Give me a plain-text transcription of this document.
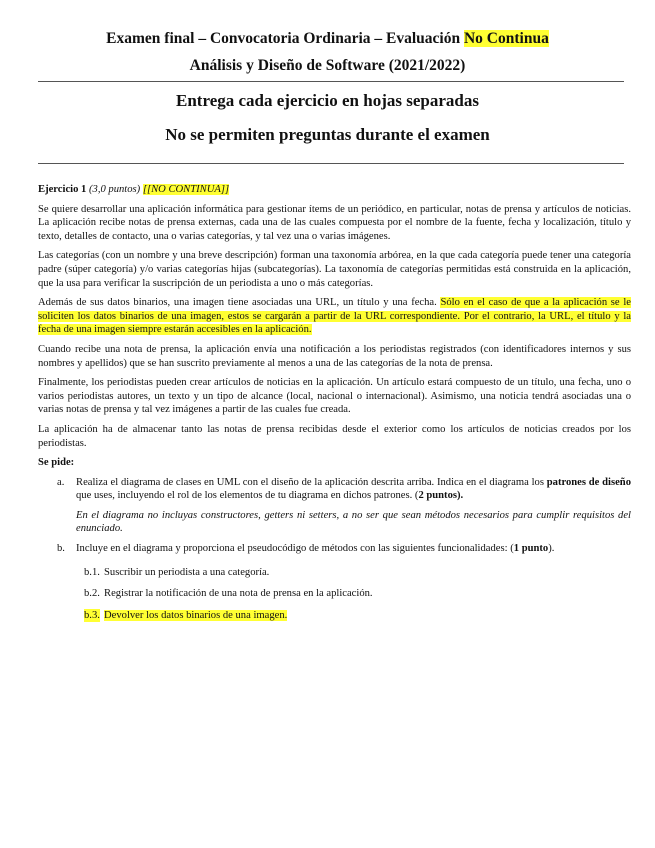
Examen final – Convocatoria Ordinaria – Evaluación No Continua
Análisis y Diseño de Software (2021/2022)
Entrega cada ejercicio en hojas separadas
No se permiten preguntas durante el examen
Ejercicio 1 (3,0 puntos) [[NO CONTINUA]]

Se quiere desarrollar una aplicación informática para gestionar ítems de un periódico, en particular, notas de prensa y artículos de noticias. La aplicación recibe notas de prensa externas, cada una de las cuales compuesta por el nombre de la fuente, fecha y localización, título y texto, detalles de contacto, una o varias categorías, y tal vez una o varias imágenes.

Las categorías (con un nombre y una breve descripción) forman una taxonomía arbórea, en la que cada categoría puede tener una categoría padre (súper categoría) y/o varias categorías hijas (subcategorías). La taxonomía de categorías permitidas está construida en la aplicación, que la usa para verificar la suscripción de un periodista a uno o más categorías.

Además de sus datos binarios, una imagen tiene asociadas una URL, un título y una fecha. Sólo en el caso de que a la aplicación se le soliciten los datos binarios de una imagen, estos se cargarán a partir de la URL correspondiente. Por el contrario, la URL, el título y la fecha de una imagen siempre estarán accesibles en la aplicación.

Cuando recibe una nota de prensa, la aplicación envía una notificación a los periodistas registrados (con identificadores internos y sus nombres y apellidos) que se han suscrito previamente al menos a una de las categorías de la nota de prensa.

Finalmente, los periodistas pueden crear artículos de noticias en la aplicación. Un artículo estará compuesto de un título, una fecha, uno o varios periodistas autores, un texto y un tipo de alcance (local, nacional o internacional). Asimismo, una noticia tendrá asociadas una o varias notas de prensa y tal vez imágenes a partir de las cuales fue creada.

La aplicación ha de almacenar tanto las notas de prensa recibidas desde el exterior como los artículos de noticias creados por los periodistas.

Se pide:

a. Realiza el diagrama de clases en UML con el diseño de la aplicación descrita arriba. Indica en el diagrama los patrones de diseño que uses, incluyendo el rol de los elementos de tu diagrama en dichos patrones. (2 puntos).
En el diagrama no incluyas constructores, getters ni setters, a no ser que sean métodos necesarios para cumplir requisitos del enunciado.
b. Incluye en el diagrama y proporciona el pseudocódigo de métodos con las siguientes funcionalidades: (1 punto).
b.1. Suscribir un periodista a una categoría.
b.2. Registrar la notificación de una nota de prensa en la aplicación.
b.3. Devolver los datos binarios de una imagen.
